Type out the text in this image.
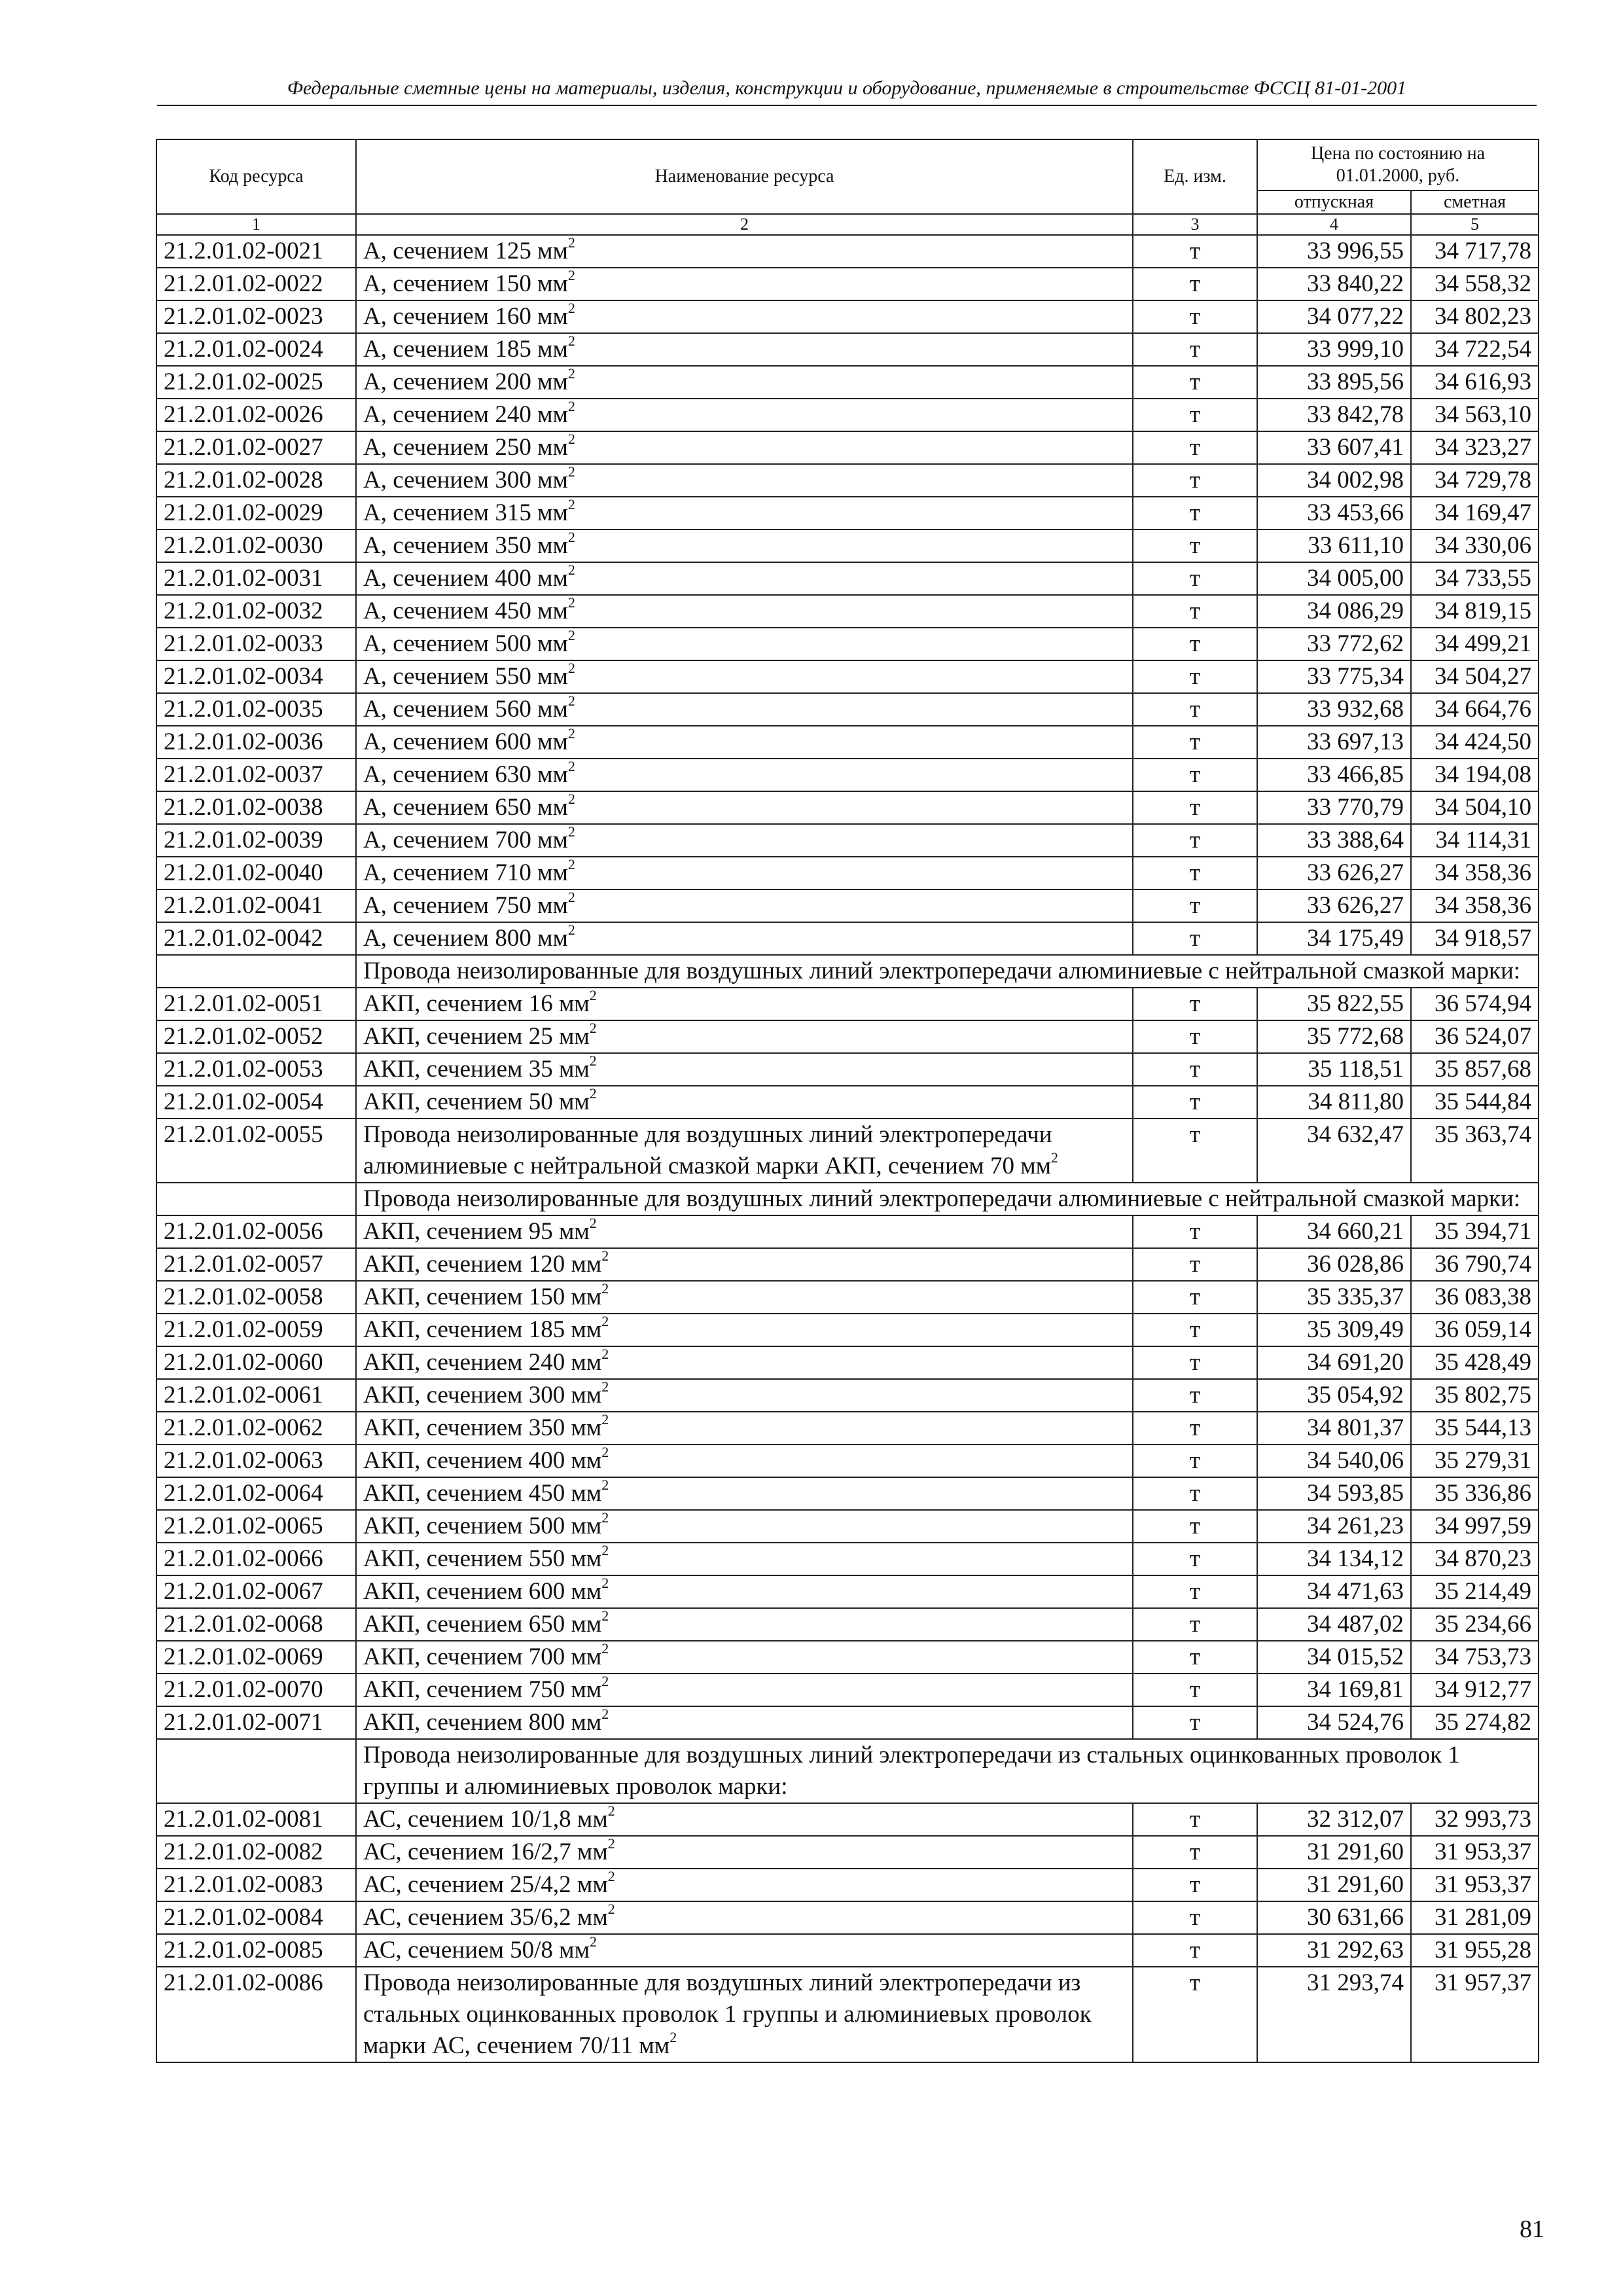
Федеральные сметные цены на материалы, изделия, конструкции и оборудование, применяемые в строительстве ФССЦ 81-01-2001
Код ресурса	Наименование ресурса	Ед. изм.	Цена по состоянию на 01.01.2000, руб.	
			отпускная	сметная
1	2	3	4	5
21.2.01.02-0021	А, сечением 125 $мм^2$	т	33 996,55	34 717,78
21.2.01.02-0022	А, сечением 150 $мм^2$	т	33 840,22	34 558,32
21.2.01.02-0023	А, сечением 160 $мм^2$	т	34 077,22	34 802,23
21.2.01.02-0024	А, сечением 185 $мм^2$	т	33 999,10	34 722,54
21.2.01.02-0025	А, сечением 200 $мм^2$	т	33 895,56	34 616,93
21.2.01.02-0026	А, сечением 240 $мм^2$	т	33 842,78	34 563,10
21.2.01.02-0027	А, сечением 250 $мм^2$	т	33 607,41	34 323,27
21.2.01.02-0028	А, сечением 300 $мм^2$	т	34 002,98	34 729,78
21.2.01.02-0029	А, сечением 315 $мм^2$	т	33 453,66	34 169,47
21.2.01.02-0030	А, сечением 350 $мм^2$	т	33 611,10	34 330,06
21.2.01.02-0031	А, сечением 400 $мм^2$	т	34 005,00	34 733,55
21.2.01.02-0032	А, сечением 450 $мм^2$	т	34 086,29	34 819,15
21.2.01.02-0033	А, сечением 500 $мм^2$	т	33 772,62	34 499,21
21.2.01.02-0034	А, сечением 550 $мм^2$	т	33 775,34	34 504,27
21.2.01.02-0035	А, сечением 560 $мм^2$	т	33 932,68	34 664,76
21.2.01.02-0036	А, сечением 600 $мм^2$	т	33 697,13	34 424,50
21.2.01.02-0037	А, сечением 630 $мм^2$	т	33 466,85	34 194,08
21.2.01.02-0038	А, сечением 650 $мм^2$	т	33 770,79	34 504,10
21.2.01.02-0039	А, сечением 700 $мм^2$	т	33 388,64	34 114,31
21.2.01.02-0040	А, сечением 710 $мм^2$	т	33 626,27	34 358,36
21.2.01.02-0041	А, сечением 750 $мм^2$	т	33 626,27	34 358,36
21.2.01.02-0042	А, сечением 800 $мм^2$	т	34 175,49	34 918,57
	Провода неизолированные для воздушных линий электропередачи алюминиевые с нейтральной смазкой марки:			
21.2.01.02-0051	АКП, сечением 16 $мм^2$	т	35 822,55	36 574,94
21.2.01.02-0052	АКП, сечением 25 $мм^2$	т	35 772,68	36 524,07
21.2.01.02-0053	АКП, сечением 35 $мм^2$	т	35 118,51	35 857,68
21.2.01.02-0054	АКП, сечением 50 $мм^2$	т	34 811,80	35 544,84
21.2.01.02-0055	Провода неизолированные для воздушных линий электропередачи алюминиевые с нейтральной смазкой марки АКП, сечением 70 $мм^2$	т	34 632,47	35 363,74
	Провода неизолированные для воздушных линий электропередачи алюминиевые с нейтральной смазкой марки:			
21.2.01.02-0056	АКП, сечением 95 $мм^2$	т	34 660,21	35 394,71
21.2.01.02-0057	АКП, сечением 120 $мм^2$	т	36 028,86	36 790,74
21.2.01.02-0058	АКП, сечением 150 $мм^2$	т	35 335,37	36 083,38
21.2.01.02-0059	АКП, сечением 185 $мм^2$	т	35 309,49	36 059,14
21.2.01.02-0060	АКП, сечением 240 $мм^2$	т	34 691,20	35 428,49
21.2.01.02-0061	АКП, сечением 300 $мм^2$	т	35 054,92	35 802,75
21.2.01.02-0062	АКП, сечением 350 $мм^2$	т	34 801,37	35 544,13
21.2.01.02-0063	АКП, сечением 400 $мм^2$	т	34 540,06	35 279,31
21.2.01.02-0064	АКП, сечением 450 $мм^2$	т	34 593,85	35 336,86
21.2.01.02-0065	АКП, сечением 500 $мм^2$	т	34 261,23	34 997,59
21.2.01.02-0066	АКП, сечением 550 $мм^2$	т	34 134,12	34 870,23
21.2.01.02-0067	АКП, сечением 600 $мм^2$	т	34 471,63	35 214,49
21.2.01.02-0068	АКП, сечением 650 $мм^2$	т	34 487,02	35 234,66
21.2.01.02-0069	АКП, сечением 700 $мм^2$	т	34 015,52	34 753,73
21.2.01.02-0070	АКП, сечением 750 $мм^2$	т	34 169,81	34 912,77
21.2.01.02-0071	АКП, сечением 800 $мм^2$	т	34 524,76	35 274,82
	Провода неизолированные для воздушных линий электропередачи из стальных оцинкованных проволок 1 группы и алюминиевых проволок марки:			
21.2.01.02-0081	АС, сечением 10/1,8 $мм^2$	т	32 312,07	32 993,73
21.2.01.02-0082	АС, сечением 16/2,7 $мм^2$	т	31 291,60	31 953,37
21.2.01.02-0083	АС, сечением 25/4,2 $мм^2$	т	31 291,60	31 953,37
21.2.01.02-0084	АС, сечением 35/6,2 $мм^2$	т	30 631,66	31 281,09
21.2.01.02-0085	АС, сечением 50/8 $мм^2$	т	31 292,63	31 955,28
21.2.01.02-0086	Провода неизолированные для воздушных линий электропередачи из стальных оцинкованных проволок 1 группы и алюминиевых проволок марки АС, сечением 70/11 $мм^2$	т	31 293,74	31 957,37
81
